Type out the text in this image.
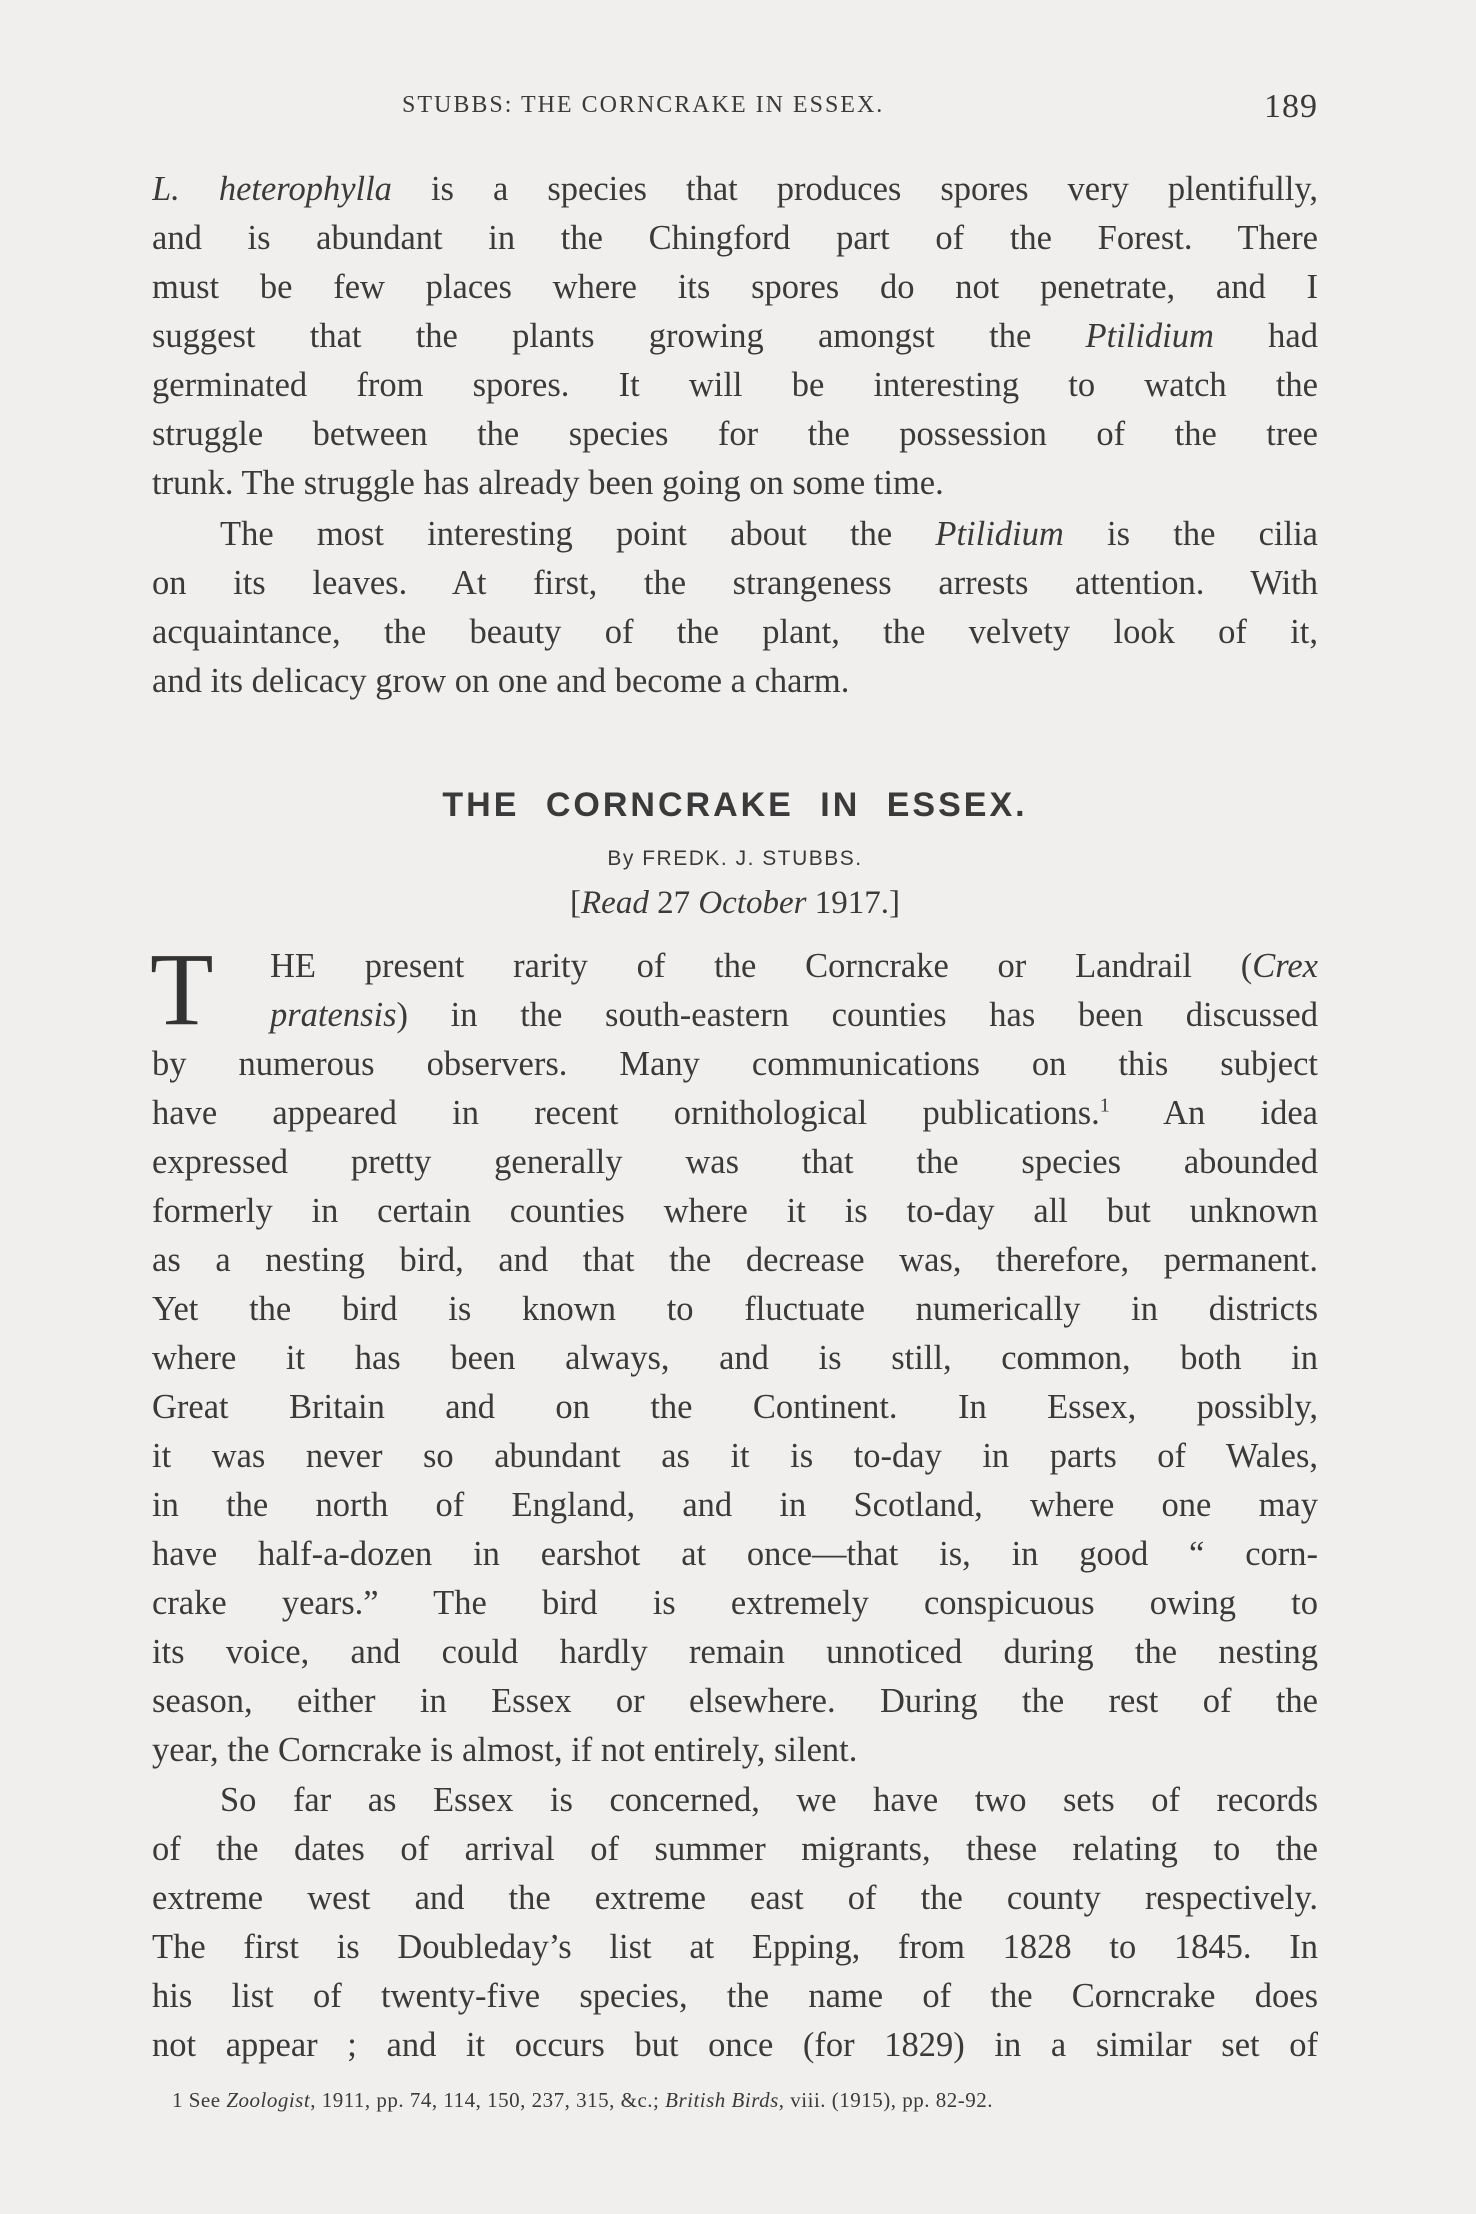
STUBBS: THE CORNCRAKE IN ESSEX.	189
L. heterophylla is a species that produces spores very plentifully,
and is abundant in the Chingford part of the Forest. There
must be few places where its spores do not penetrate, and I
suggest that the plants growing amongst the Ptilidium had
germinated from spores. It will be interesting to watch the
struggle between the species for the possession of the tree
trunk. The struggle has already been going on some time.
The most interesting point about the Ptilidium is the cilia
on its leaves. At first, the strangeness arrests attention. With
acquaintance, the beauty of the plant, the velvety look of it,
and its delicacy grow on one and become a charm.
THE CORNCRAKE IN ESSEX.
By FREDK. J. STUBBS.
[Read 27 October 1917.]
T	HE present rarity of the Corncrake or Landrail (Crex
pratensis) in the south-eastern counties has been discussed
by numerous observers. Many communications on this subject
have appeared in recent ornithological publications.$^1$ An idea
expressed pretty generally was that the species abounded
formerly in certain counties where it is to-day all but unknown
as a nesting bird, and that the decrease was, therefore, permanent.
Yet the bird is known to fluctuate numerically in districts
where it has been always, and is still, common, both in
Great Britain and on the Continent. In Essex, possibly,
it was never so abundant as it is to-day in parts of Wales,
in the north of England, and in Scotland, where one may
have half-a-dozen in earshot at once—that is, in good “ corn-
crake years.” The bird is extremely conspicuous owing to
its voice, and could hardly remain unnoticed during the nesting
season, either in Essex or elsewhere. During the rest of the
year, the Corncrake is almost, if not entirely, silent.
So far as Essex is concerned, we have two sets of records
of the dates of arrival of summer migrants, these relating to the
extreme west and the extreme east of the county respectively.
The first is Doubleday’s list at Epping, from 1828 to 1845. In
his list of twenty-five species, the name of the Corncrake does
not appear ; and it occurs but once (for 1829) in a similar set of
1 See Zoologist, 1911, pp. 74, 114, 150, 237, 315, &c.; British Birds, viii. (1915), pp. 82-92.
